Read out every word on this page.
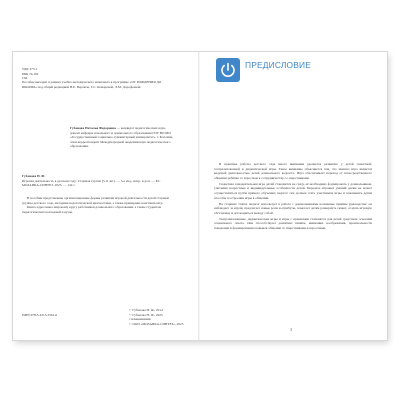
УДК 373.1

ББК 74.102

Г94

Пособие выходит в рамках учебно-методического комплекта к программе «ОТ РОЖДЕНИЯ ДО ШКОЛЫ» под общей редакцией Н.Е. Вераксы, Т.С. Комаровой, Э.М. Дорофеевой.

Губанова Наталья Федоровна — кандидат педагогических наук, доцент кафедры начального и дошкольного образования ГОУ ВО МО «Государственный социально-гуманитарный университет», г. Коломна, член-корреспондент Международной академии наук педагогического образования.

Губанова Н. Ф.

Игровая деятельность в детском саду: Старшая группа (5–6 лет). — 3-е изд., испр. и доп. — М.: МОЗАИКА-СИНТЕЗ, 2025. — 144 с.

В пособии представлены организационные формы развития игровой деятельности детей старшей группы детского сада, методики педагогической диагностики, а также примерные конспекты игр.

Книга адресована широкому кругу работников дошкольного образования, а также студентам педагогических колледжей и вузов.

© Губанова Н. Ф., 2014

© Губанова Н. Ф., 2025

с изменениями

© ООО «МОЗАИКА-СИНТЕЗ», 2025

ISBN 978-5-4315-3561-6
ПРЕДИСЛОВИЕ

В практике работы детского сада много внимания уделяется развитию у детей сюжетной, театрализованной и дидактической игры. Такое внимание объясняется тем, что именно игра является ведущей деятельностью детей дошкольного возраста. Игра обеспечивает переход от непосредственного общения ребёнка со взрослым к сотрудничеству со сверстниками.

Сюжетная самодеятельная игра детей становится не сразу, её необходимо формировать у дошкольников, учитывая возрастные и индивидуальные особенности детей. Передача игровых умений детям не может осуществляться путём прямого обучения; педагог сам должен стать участником игры и показывать детям способы построения игры в общении.

На старших этапах педагог использует в работе с дошкольниками косвенные приёмы руководства: он наблюдает за игрой, предлагает новые роли и атрибуты, помогает детям развернуть сюжет, создать игровую обстановку и договориться между собой.

Театрализованные, дидактические игры и игры с правилами становятся для детей средством освоения социального опыта. Они способствуют развитию памяти, внимания, воображения, произвольности поведения и формированию навыков общения со сверстниками и взрослыми.

3
